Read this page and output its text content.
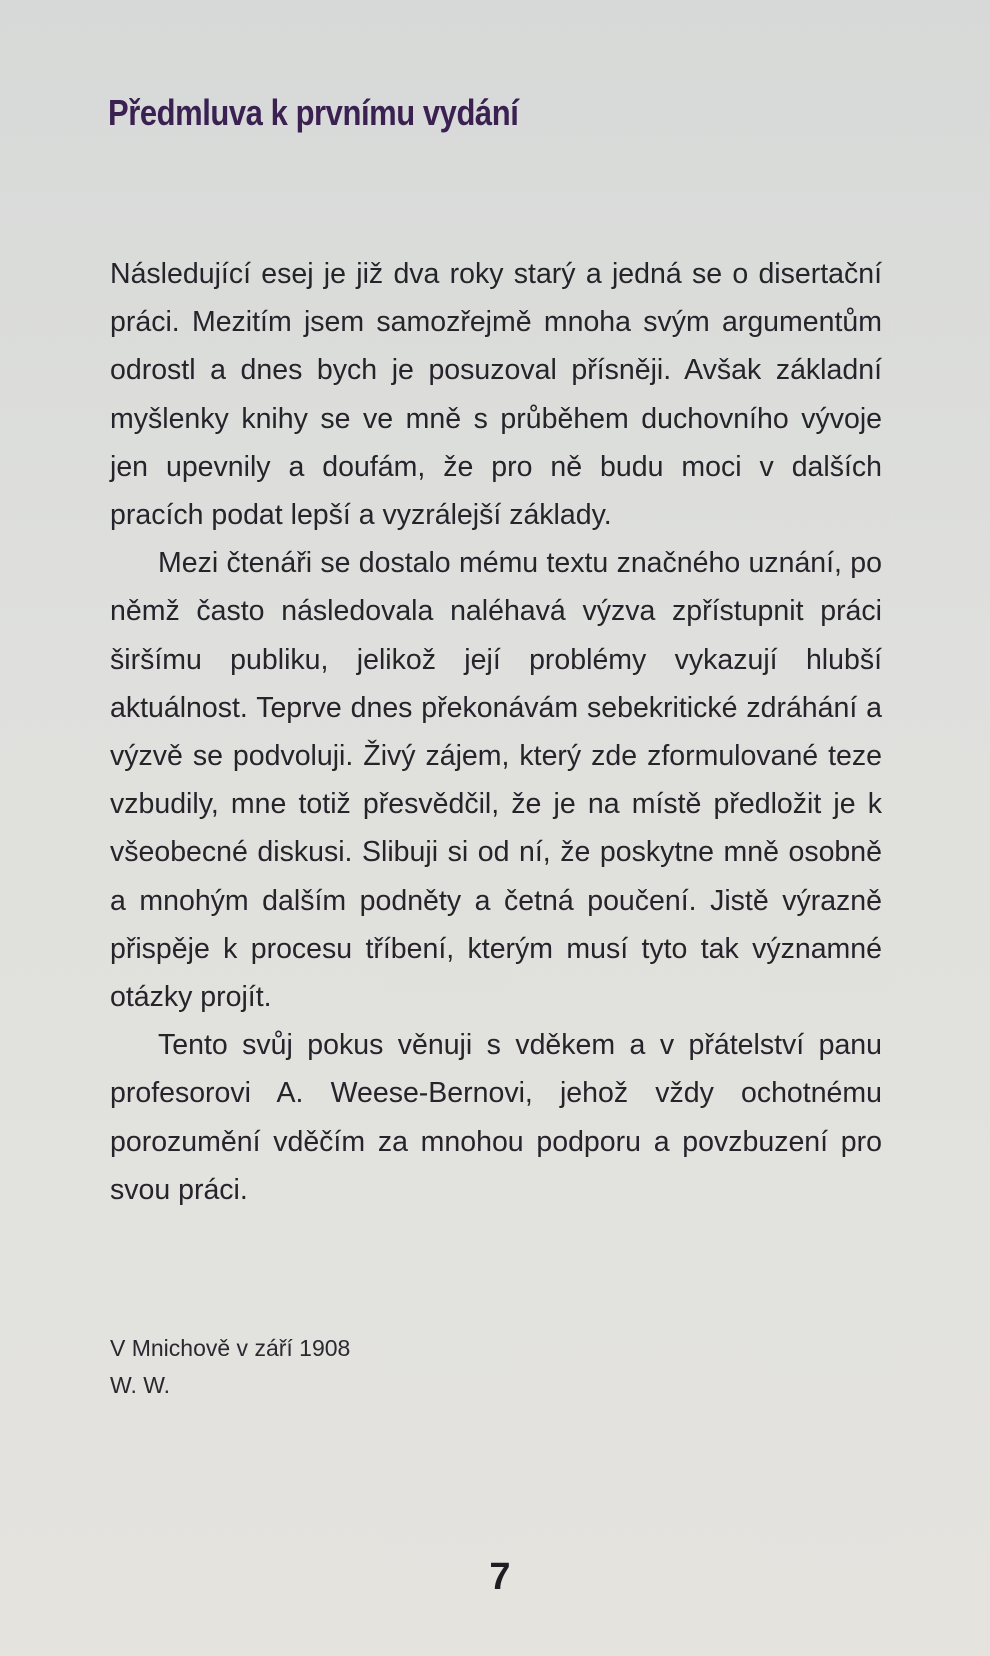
Předmluva k prvnímu vydání

Následující esej je již dva roky starý a jedná se o disertační práci. Mezitím jsem samozřejmě mnoha svým argumentům odrostl a dnes bych je posuzoval přísněji. Avšak základní myšlenky knihy se ve mně s průběhem duchovního vývoje jen upevnily a doufám, že pro ně budu moci v dalších pracích podat lepší a vyzrálejší základy.

Mezi čtenáři se dostalo mému textu značného uznání, po němž často následovala naléhavá výzva zpřístupnit práci širšímu publiku, jelikož její problémy vykazují hlubší aktuálnost. Teprve dnes překonávám sebekritické zdráhání a výzvě se podvoluji. Živý zájem, který zde zformulované teze vzbudily, mne totiž přesvědčil, že je na místě předložit je k všeobecné diskusi. Slibuji si od ní, že poskytne mně osobně a mnohým dalším podněty a četná poučení. Jistě výrazně přispěje k procesu tříbení, kterým musí tyto tak významné otázky projít.

Tento svůj pokus věnuji s vděkem a v přátelství panu profesorovi A. Weese-Bernovi, jehož vždy ochotnému porozumění vděčím za mnohou podporu a povzbuzení pro svou práci.

V Mnichově v září 1908
W. W.
7
